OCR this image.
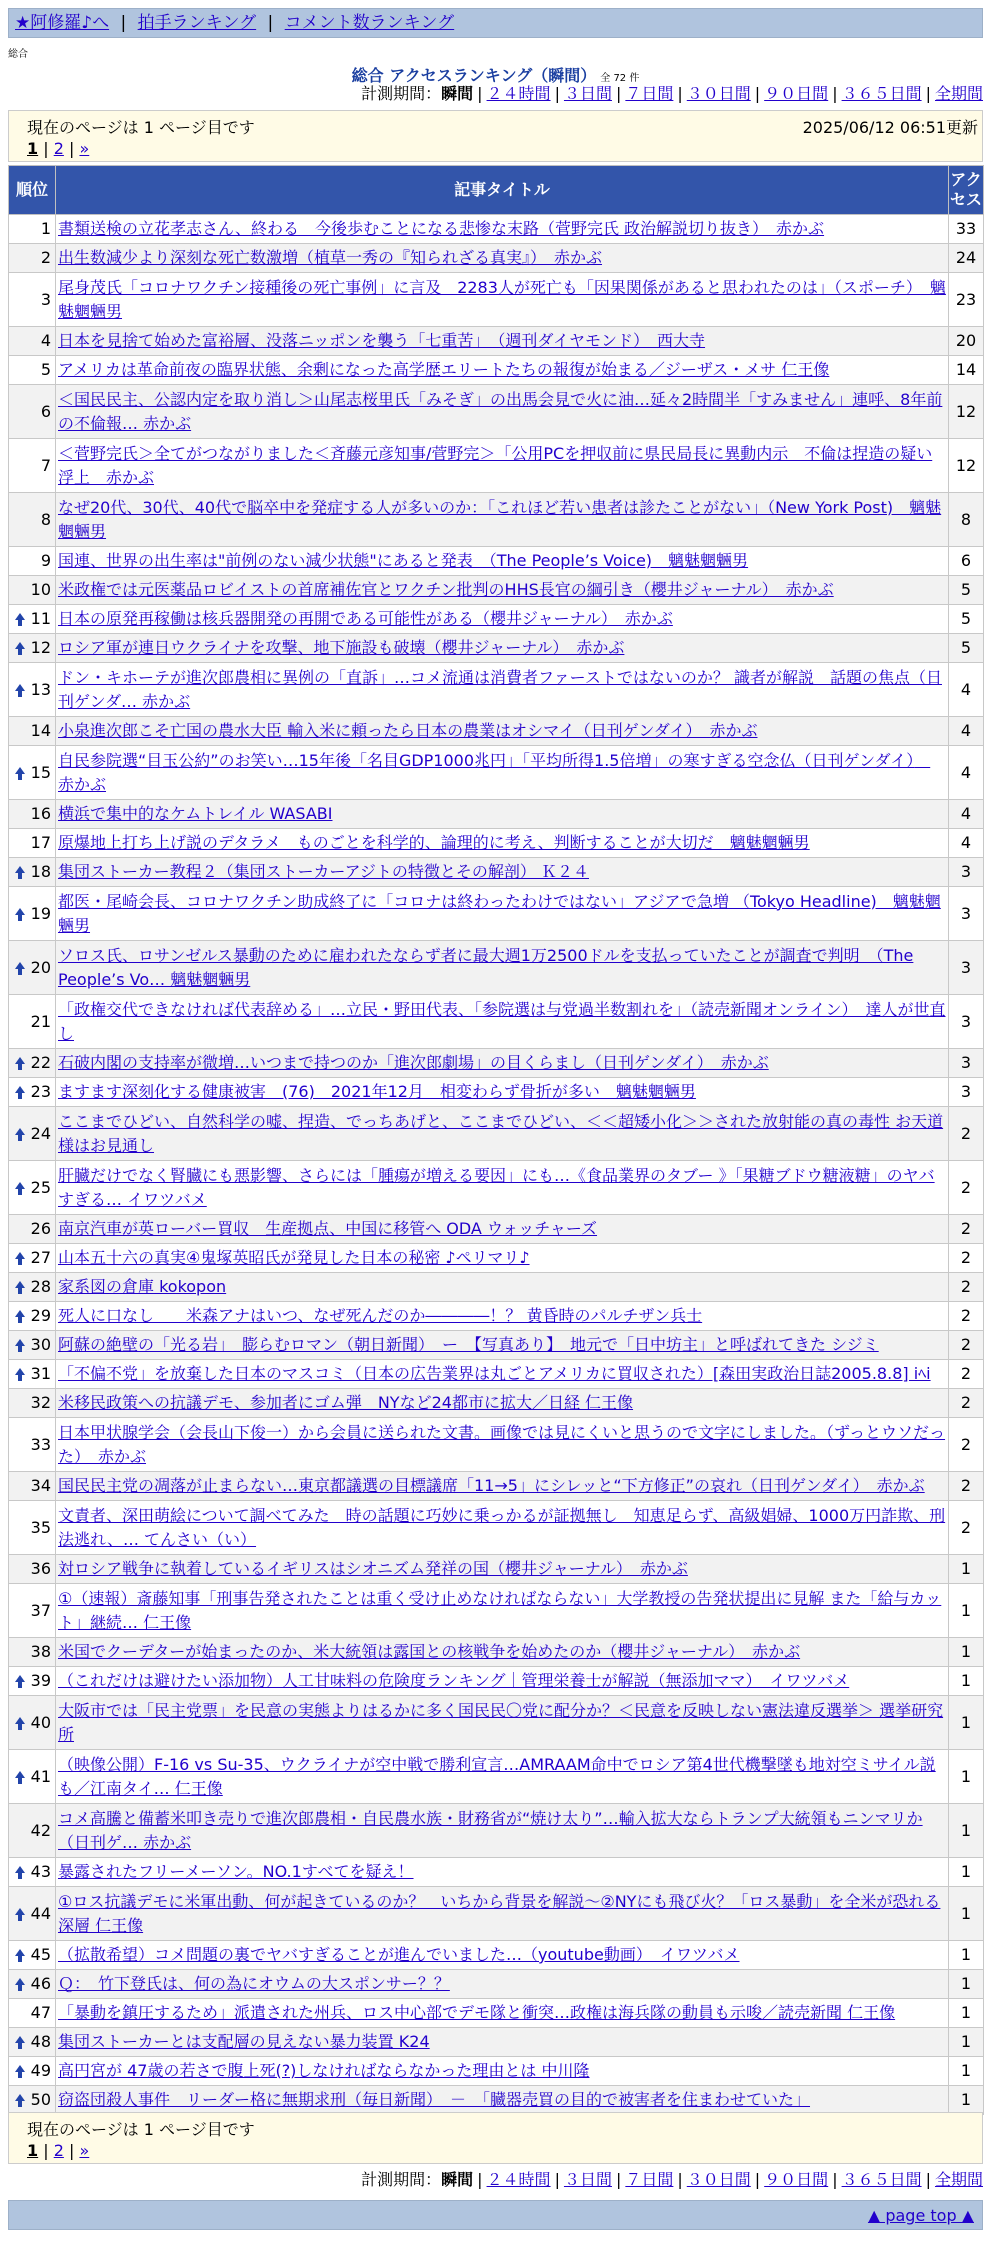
★阿修羅♪へ | 拍手ランキング | コメント数ランキング
総合
総合 アクセスランキング（瞬間） 全 72 件
計測期間：瞬間 | ２４時間 | ３日間 | ７日間 | ３０日間 | ９０日間 | ３６５日間 | 全期間
現在のページは 1 ページ目です	2025/06/12 06:51更新
1 | 2 | »
順位	記事タイトル	アクセス
1	書類送検の立花孝志さん、終わる　今後歩むことになる悲惨な末路（菅野完氏 政治解説切り抜き）　赤かぶ	33
2	出生数減少より深刻な死亡数激増（植草一秀の『知られざる真実』）　赤かぶ	24
3	尾身茂氏「コロナワクチン接種後の死亡事例」に言及　2283人が死亡も「因果関係があると思われたのは」（スポーチ）　魑魅魍魎男	23
4	日本を見捨て始めた富裕層、没落ニッポンを襲う「七重苦」　（週刊ダイヤモンド）　西大寺	20
5	アメリカは革命前夜の臨界状態、余剰になった高学歴エリートたちの報復が始まる／ジーザス・メサ 仁王像	14
6	＜国民民主、公認内定を取り消し＞山尾志桜里氏「みそぎ」の出馬会見で火に油…延々2時間半「すみません」連呼、8年前の不倫報… 赤かぶ	12
7	＜菅野完氏＞全てがつながりました＜斉藤元彦知事/菅野完＞「公用PCを押収前に県民局長に異動内示　不倫は捏造の疑い浮上　赤かぶ	12
8	なぜ20代、30代、40代で脳卒中を発症する人が多いのか：「これほど若い患者は診たことがない」（New York Post)　魑魅魍魎男	8
9	国連、世界の出生率は"前例のない減少状態"にあると発表　（The People’s Voice)　魑魅魍魎男	6
10	米政権では元医薬品ロビイストの首席補佐官とワクチン批判のHHS長官の綱引き（櫻井ジャーナル）　赤かぶ	5
11	日本の原発再稼働は核兵器開発の再開である可能性がある（櫻井ジャーナル）　赤かぶ	5
12	ロシア軍が連日ウクライナを攻撃、地下施設も破壊（櫻井ジャーナル）　赤かぶ	5
13	ドン・キホーテが進次郎農相に異例の「直訴」…コメ流通は消費者ファーストではないのか？ 識者が解説　話題の焦点（日刊ゲンダ… 赤かぶ	4
14	小泉進次郎こそ亡国の農水大臣 輸入米に頼ったら日本の農業はオシマイ（日刊ゲンダイ）　赤かぶ	4
15	自民参院選“目玉公約”のお笑い…15年後「名目GDP1000兆円」「平均所得1.5倍増」の寒すぎる空念仏（日刊ゲンダイ）　赤かぶ	4
16	横浜で集中的なケムトレイル WASABI	4
17	原爆地上打ち上げ説のデタラメ　ものごとを科学的、論理的に考え、判断することが大切だ　魑魅魍魎男	4
18	集団ストーカー教程２（集団ストーカーアジトの特徴とその解剖） Ｋ２４	3
19	都医・尾崎会長、コロナワクチン助成終了に「コロナは終わったわけではない」アジアで急増 （Tokyo Headline)　魑魅魍魎男	3
20	ソロス氏、ロサンゼルス暴動のために雇われたならず者に最大週1万2500ドルを支払っていたことが調査で判明　（The People’s Vo… 魑魅魍魎男	3
21	「政権交代できなければ代表辞める」…立民・野田代表、「参院選は与党過半数割れを」（読売新聞オンライン）　達人が世直し	3
22	石破内閣の支持率が微増…いつまで持つのか「進次郎劇場」の目くらまし（日刊ゲンダイ）　赤かぶ	3
23	ますます深刻化する健康被害　(76)　2021年12月　相変わらず骨折が多い　魑魅魍魎男	3
24	ここまでひどい、自然科学の嘘、捏造、でっちあげと、ここまでひどい、＜＜超矮小化＞＞された放射能の真の毒性 お天道様はお見通し	2
25	肝臓だけでなく腎臓にも悪影響、さらには「腫瘍が増える要因」にも…《食品業界のタブー 》「果糖ブドウ糖液糖」のヤバすぎる… イワツバメ	2
26	南京汽車が英ローバー買収　生産拠点、中国に移管へ ODA ウォッチャーズ	2
27	山本五十六の真実④鬼塚英昭氏が発見した日本の秘密 ♪ペリマリ♪	2
28	家系図の倉庫 kokopon	2
29	死人に口なし　　米森アナはいつ、なぜ死んだのか――――！？ 黄昏時のパルチザン兵士	2
30	阿蘇の絶壁の「光る岩」　膨らむロマン（朝日新聞）　ー　【写真あり】　地元で「日中坊主」と呼ばれてきた シジミ	2
31	「不偏不党」を放棄した日本のマスコミ（日本の広告業界は丸ごとアメリカに買収された）[森田実政治日誌2005.8.8] iﾍi	2
32	米移民政策への抗議デモ、参加者にゴム弾　NYなど24都市に拡大／日経 仁王像	2
33	日本甲状腺学会（会長山下俊一）から会員に送られた文書。画像では見にくいと思うので文字にしました。（ずっとウソだった）　赤かぶ	2
34	国民民主党の凋落が止まらない…東京都議選の目標議席「11→5」にシレッと“下方修正”の哀れ（日刊ゲンダイ）　赤かぶ	2
35	文責者、深田萌絵について調べてみた　時の話題に巧妙に乗っかるが証拠無し　知恵足らず、高級娼婦、1000万円詐欺、刑法逃れ、… てんさい（い）	2
36	対ロシア戦争に執着しているイギリスはシオニズム発祥の国（櫻井ジャーナル）　赤かぶ	1
37	①（速報）斎藤知事「刑事告発されたことは重く受け止めなければならない」大学教授の告発状提出に見解 また「給与カット」継続… 仁王像	1
38	米国でクーデターが始まったのか、米大統領は露国との核戦争を始めたのか（櫻井ジャーナル）　赤かぶ	1
39	（これだけは避けたい添加物）人工甘味料の危険度ランキング｜管理栄養士が解説（無添加ママ）　イワツバメ	1
40	大阪市では「民主党票」を民意の実態よりはるかに多く国民民〇党に配分か？＜民意を反映しない憲法違反選挙＞ 選挙研究所	1
41	（映像公開）F-16 vs Su-35、ウクライナが空中戦で勝利宣言…AMRAAM命中でロシア第4世代機撃墜も地対空ミサイル説も／江南タイ… 仁王像	1
42	コメ高騰と備蓄米叩き売りで進次郎農相・自民農水族・財務省が“焼け太り”…輸入拡大ならトランプ大統領もニンマリか（日刊ゲ… 赤かぶ	1
43	暴露されたフリーメーソン。NO.1すべてを疑え！	1
44	①ロス抗議デモに米軍出動、何が起きているのか？　いちから背景を解説～②NYにも飛び火？「ロス暴動」を全米が恐れる深層 仁王像	1
45	（拡散希望）コメ問題の裏でヤバすぎることが進んでいました…（youtube動画）　イワツバメ	1
46	Ｑ：　竹下登氏は、何の為にオウムの大スポンサー？？	1
47	「暴動を鎮圧するため」派遣された州兵、ロス中心部でデモ隊と衝突…政権は海兵隊の動員も示唆／読売新聞 仁王像	1
48	集団ストーカーとは支配層の見えない暴力装置 K24	1
49	高円宮が 47歳の若さで腹上死(?)しなければならなかった理由とは 中川隆	1
50	窃盗団殺人事件　リーダー格に無期求刑（毎日新聞）　－　「臓器売買の目的で被害者を住まわせていた」	1
現在のページは 1 ページ目です
1 | 2 | »
計測期間：瞬間 | ２４時間 | ３日間 | ７日間 | ３０日間 | ９０日間 | ３６５日間 | 全期間
▲ page top ▲
